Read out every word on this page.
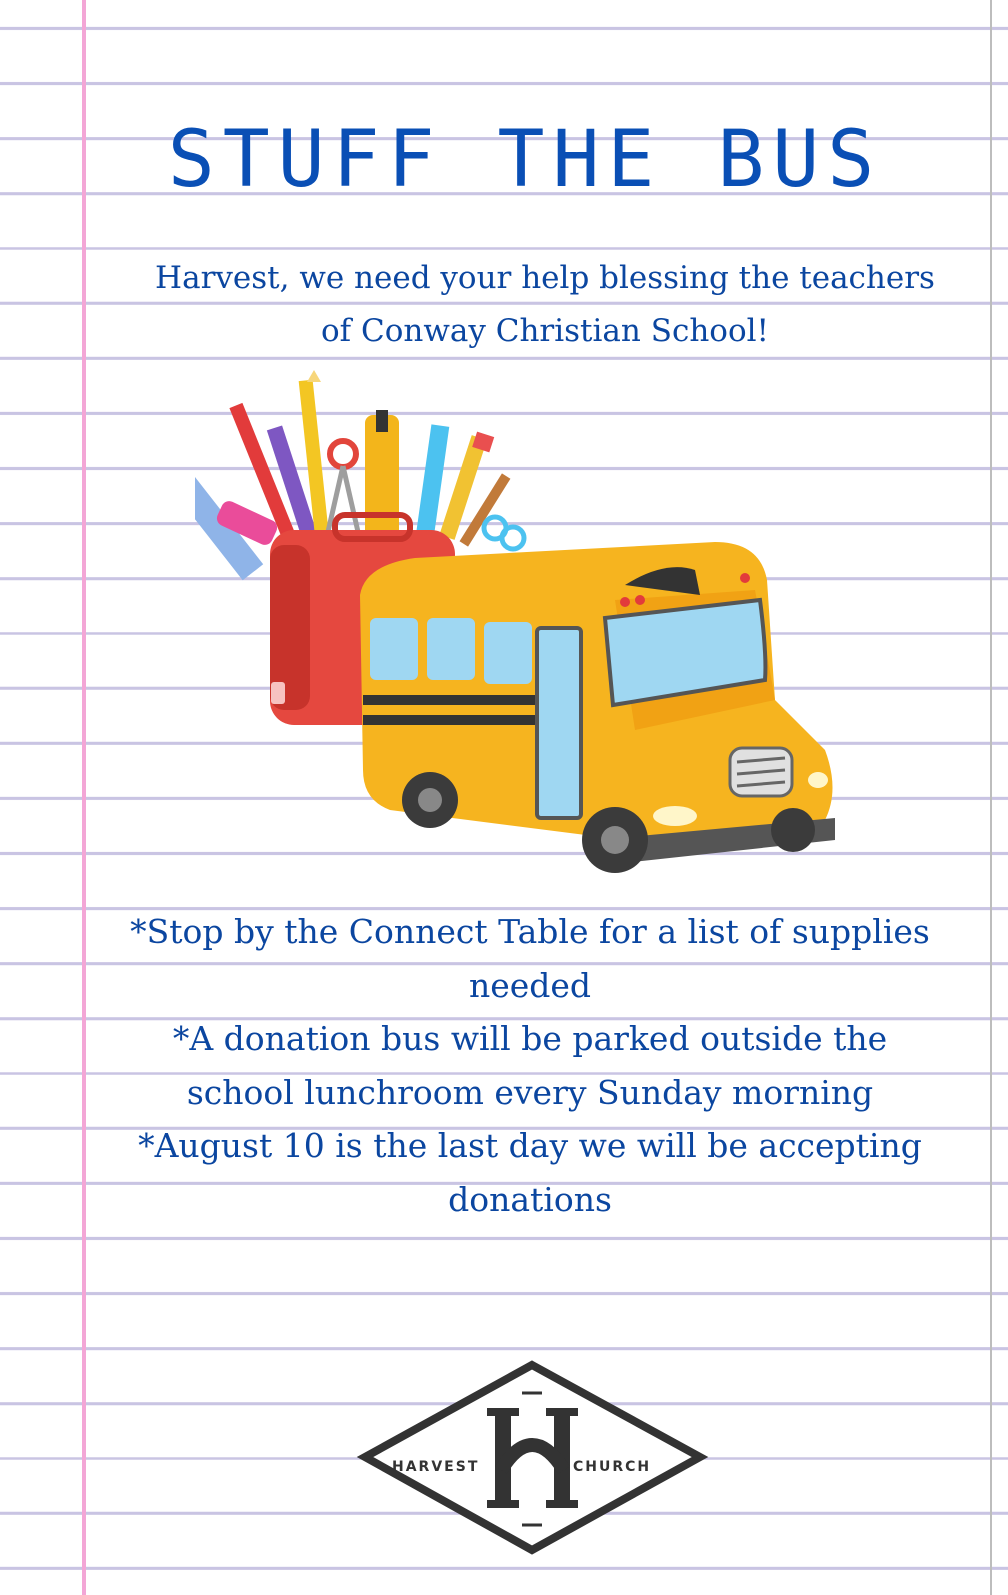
STUFF THE BUS
Harvest, we need your help blessing the teachers
of Conway Christian School!
*Stop by the Connect Table for a list of supplies needed
*A donation bus will be parked outside the school lunchroom every Sunday morning
*August 10 is the last day we will be accepting donations
HARVEST	CHURCH
